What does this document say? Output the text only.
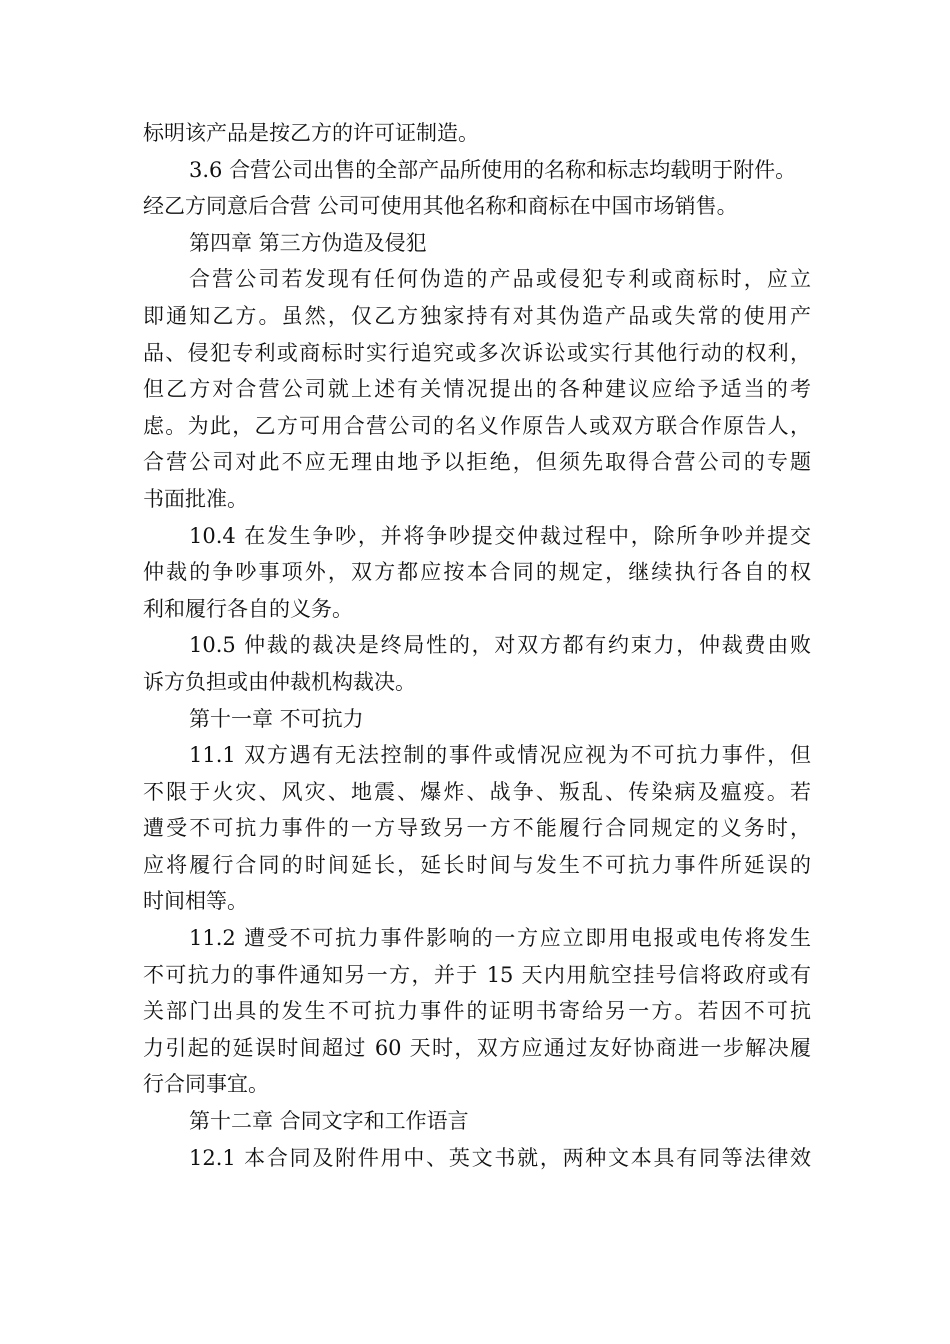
标明该产品是按乙方的许可证制造。
3.6 合营公司出售的全部产品所使用的名称和标志均载明于附件。
经乙方同意后合营 公司可使用其他名称和商标在中国市场销售。
第四章 第三方伪造及侵犯
合营公司若发现有任何伪造的产品或侵犯专利或商标时，应立
即通知乙方。虽然，仅乙方独家持有对其伪造产品或失常的使用产
品、侵犯专利或商标时实行追究或多次诉讼或实行其他行动的权利，
但乙方对合营公司就上述有关情况提出的各种建议应给予适当的考
虑。为此，乙方可用合营公司的名义作原告人或双方联合作原告人，
合营公司对此不应无理由地予以拒绝，但须先取得合营公司的专题
书面批准。
10.4 在发生争吵，并将争吵提交仲裁过程中，除所争吵并提交
仲裁的争吵事项外，双方都应按本合同的规定，继续执行各自的权
利和履行各自的义务。
10.5 仲裁的裁决是终局性的，对双方都有约束力，仲裁费由败
诉方负担或由仲裁机构裁决。
第十一章 不可抗力
11.1 双方遇有无法控制的事件或情况应视为不可抗力事件，但
不限于火灾、风灾、地震、爆炸、战争、叛乱、传染病及瘟疫。若
遭受不可抗力事件的一方导致另一方不能履行合同规定的义务时，
应将履行合同的时间延长，延长时间与发生不可抗力事件所延误的
时间相等。
11.2 遭受不可抗力事件影响的一方应立即用电报或电传将发生
不可抗力的事件通知另一方，并于 15 天内用航空挂号信将政府或有
关部门出具的发生不可抗力事件的证明书寄给另一方。若因不可抗
力引起的延误时间超过 60 天时，双方应通过友好协商进一步解决履
行合同事宜。
第十二章 合同文字和工作语言
12.1 本合同及附件用中、英文书就，两种文本具有同等法律效
